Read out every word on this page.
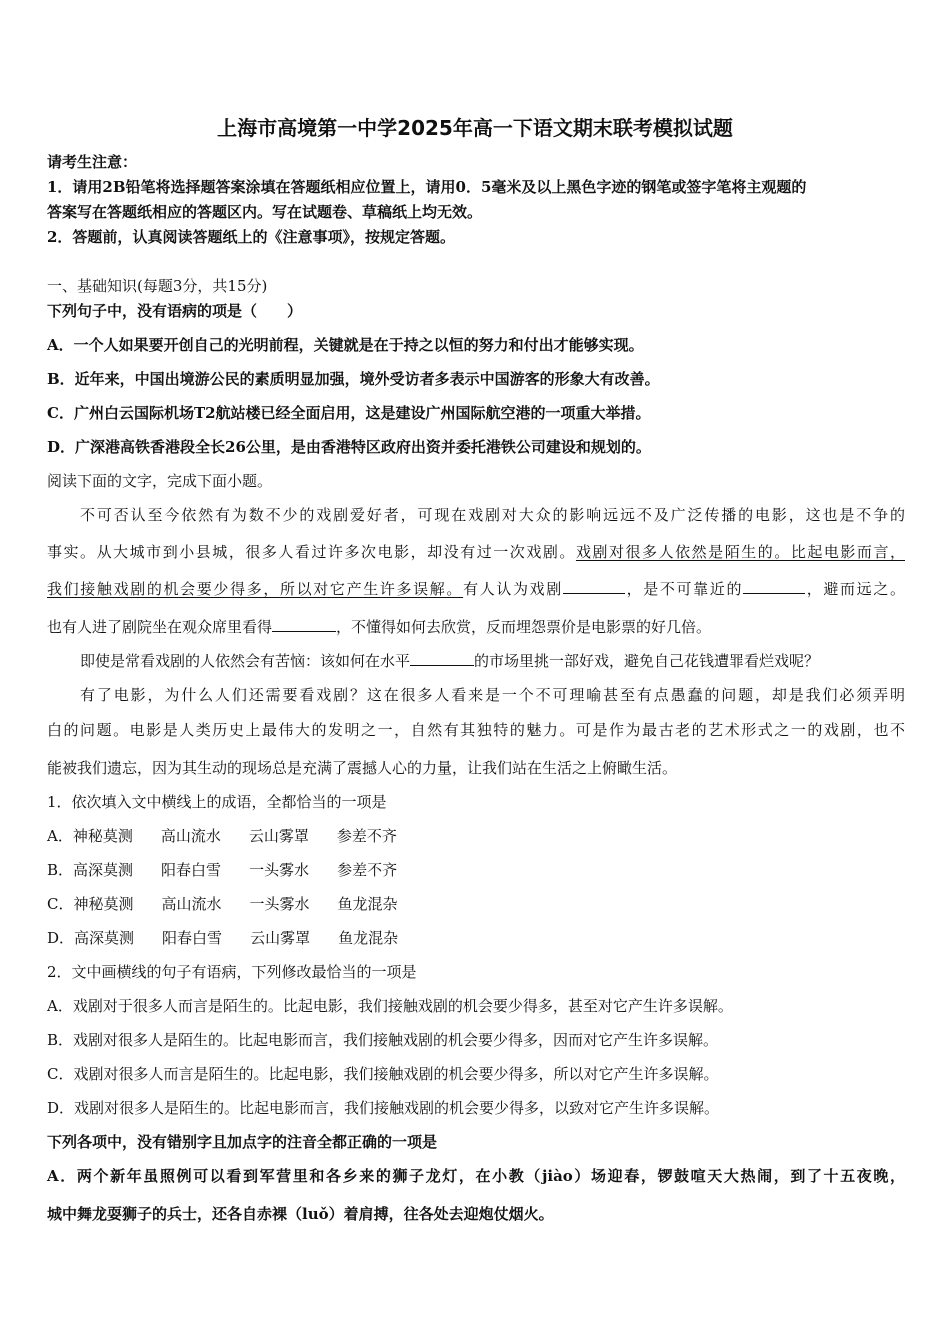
上海市高境第一中学2025年高一下语文期末联考模拟试题
请考生注意：
1．请用2B铅笔将选择题答案涂填在答题纸相应位置上，请用0．5毫米及以上黑色字迹的钢笔或签字笔将主观题的
答案写在答题纸相应的答题区内。写在试题卷、草稿纸上均无效。
2．答题前，认真阅读答题纸上的《注意事项》，按规定答题。
一、基础知识(每题3分，共15分)
下列句子中，没有语病的项是（　　）
A．一个人如果要开创自己的光明前程，关键就是在于持之以恒的努力和付出才能够实现。
B．近年来，中国出境游公民的素质明显加强，境外受访者多表示中国游客的形象大有改善。
C．广州白云国际机场T2航站楼已经全面启用，这是建设广州国际航空港的一项重大举措。
D．广深港高铁香港段全长26公里，是由香港特区政府出资并委托港铁公司建设和规划的。
阅读下面的文字，完成下面小题。
不可否认至今依然有为数不少的戏剧爱好者，可现在戏剧对大众的影响远远不及广泛传播的电影，这也是不争的
事实。从大城市到小县城，很多人看过许多次电影，却没有过一次戏剧。戏剧对很多人依然是陌生的。比起电影而言，
我们接触戏剧的机会要少得多，所以对它产生许多误解。有人认为戏剧	，是不可靠近的	，避而远之。
也有人进了剧院坐在观众席里看得	，不懂得如何去欣赏，反而埋怨票价是电影票的好几倍。
即使是常看戏剧的人依然会有苦恼：该如何在水平	的市场里挑一部好戏，避免自己花钱遭罪看烂戏呢？
有了电影，为什么人们还需要看戏剧？这在很多人看来是一个不可理喻甚至有点愚蠢的问题，却是我们必须弄明
白的问题。电影是人类历史上最伟大的发明之一，自然有其独特的魅力。可是作为最古老的艺术形式之一的戏剧，也不
能被我们遗忘，因为其生动的现场总是充满了震撼人心的力量，让我们站在生活之上俯瞰生活。
1．依次填入文中横线上的成语，全都恰当的一项是
A．神秘莫测 高山流水 云山雾罩 参差不齐
B．高深莫测 阳春白雪 一头雾水 参差不齐
C．神秘莫测 高山流水 一头雾水 鱼龙混杂
D．高深莫测 阳春白雪 云山雾罩 鱼龙混杂
2．文中画横线的句子有语病，下列修改最恰当的一项是
A．戏剧对于很多人而言是陌生的。比起电影，我们接触戏剧的机会要少得多，甚至对它产生许多误解。
B．戏剧对很多人是陌生的。比起电影而言，我们接触戏剧的机会要少得多，因而对它产生许多误解。
C．戏剧对很多人而言是陌生的。比起电影，我们接触戏剧的机会要少得多，所以对它产生许多误解。
D．戏剧对很多人是陌生的。比起电影而言，我们接触戏剧的机会要少得多，以致对它产生许多误解。
下列各项中，没有错别字且加点字的注音全都正确的一项是
A．两个新年虽照例可以看到军营里和各乡来的狮子龙灯，在小教（jiào）场迎春，锣鼓喧天大热闹，到了十五夜晚，
城中舞龙耍狮子的兵士，还各自赤裸（luǒ）着肩搏，往各处去迎炮仗烟火。
